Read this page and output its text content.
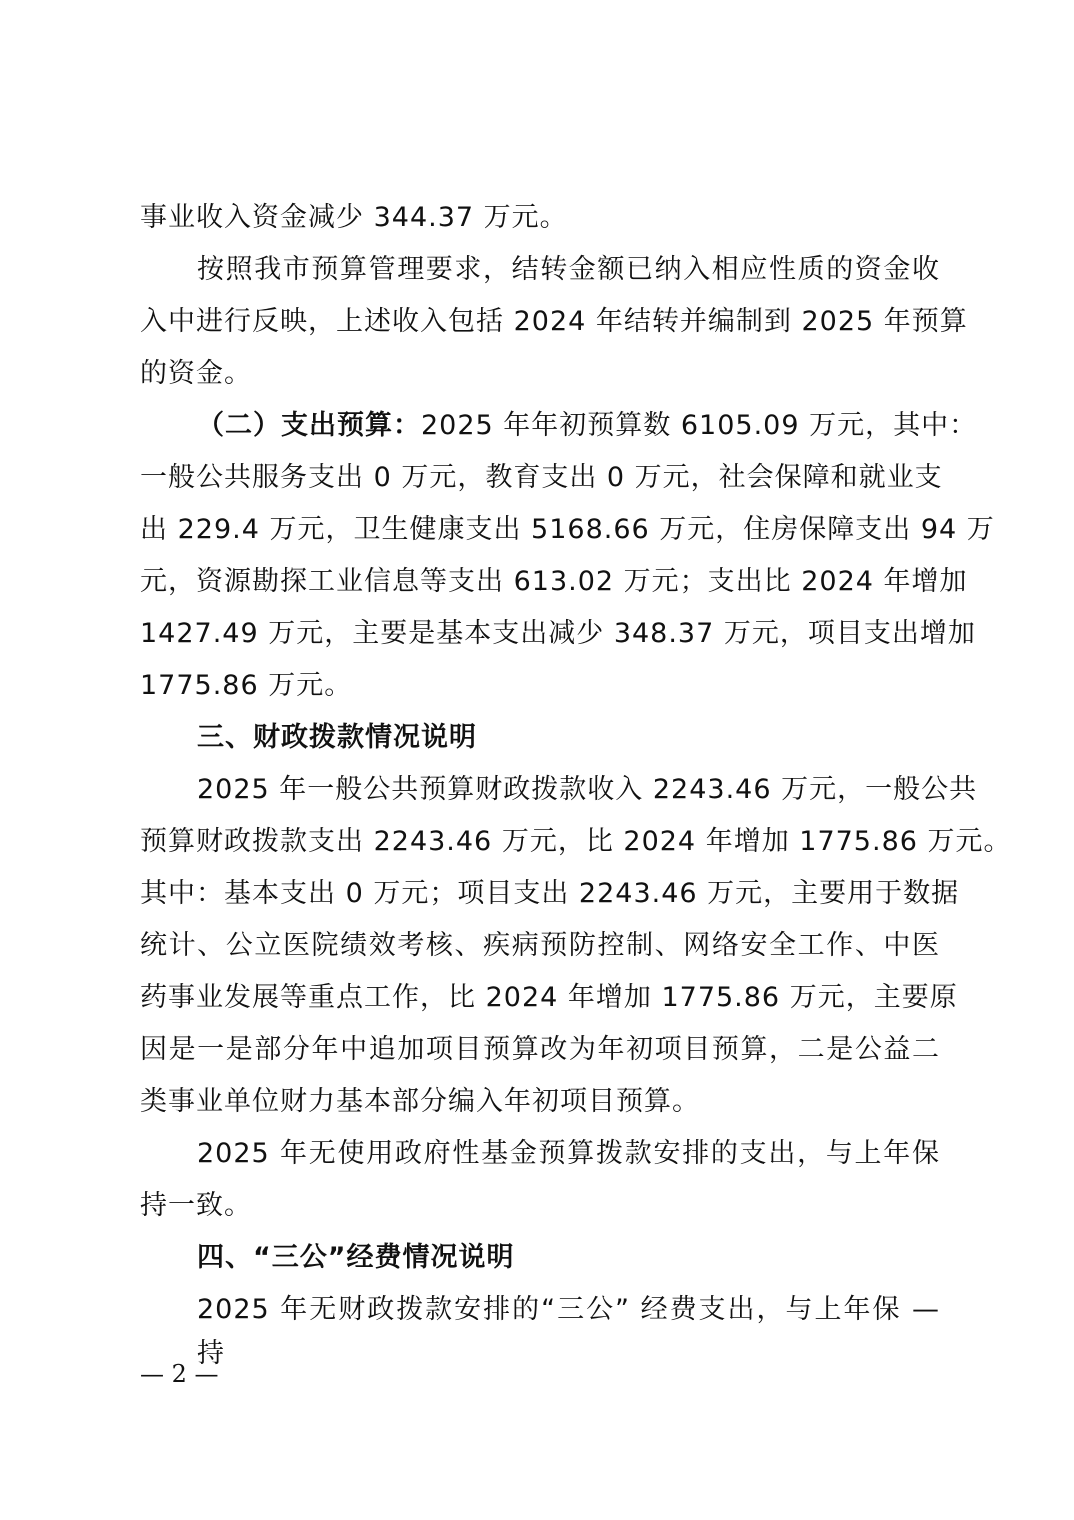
事业收入资金减少 344.37 万元。
按照我市预算管理要求，结转金额已纳入相应性质的资金收
入中进行反映，上述收入包括 2024 年结转并编制到 2025 年预算
的资金。
（二）支出预算：2025 年年初预算数 6105.09 万元，其中：
一般公共服务支出 0 万元，教育支出 0 万元，社会保障和就业支
出 229.4 万元，卫生健康支出 5168.66 万元，住房保障支出 94 万
元，资源勘探工业信息等支出 613.02 万元；支出比 2024 年增加
1427.49 万元，主要是基本支出减少 348.37 万元，项目支出增加
1775.86 万元。
三、财政拨款情况说明
2025 年一般公共预算财政拨款收入 2243.46 万元，一般公共
预算财政拨款支出 2243.46 万元，比 2024 年增加 1775.86 万元。
其中：基本支出 0 万元；项目支出 2243.46 万元，主要用于数据
统计、公立医院绩效考核、疾病预防控制、网络安全工作、中医
药事业发展等重点工作，比 2024 年增加 1775.86 万元，主要原
因是一是部分年中追加项目预算改为年初项目预算，二是公益二
类事业单位财力基本部分编入年初项目预算。
2025 年无使用政府性基金预算拨款安排的支出，与上年保
持一致。
四、“三公”经费情况说明
2025 年无财政拨款安排的“三公” 经费支出，与上年保 —
持
— 2 —
